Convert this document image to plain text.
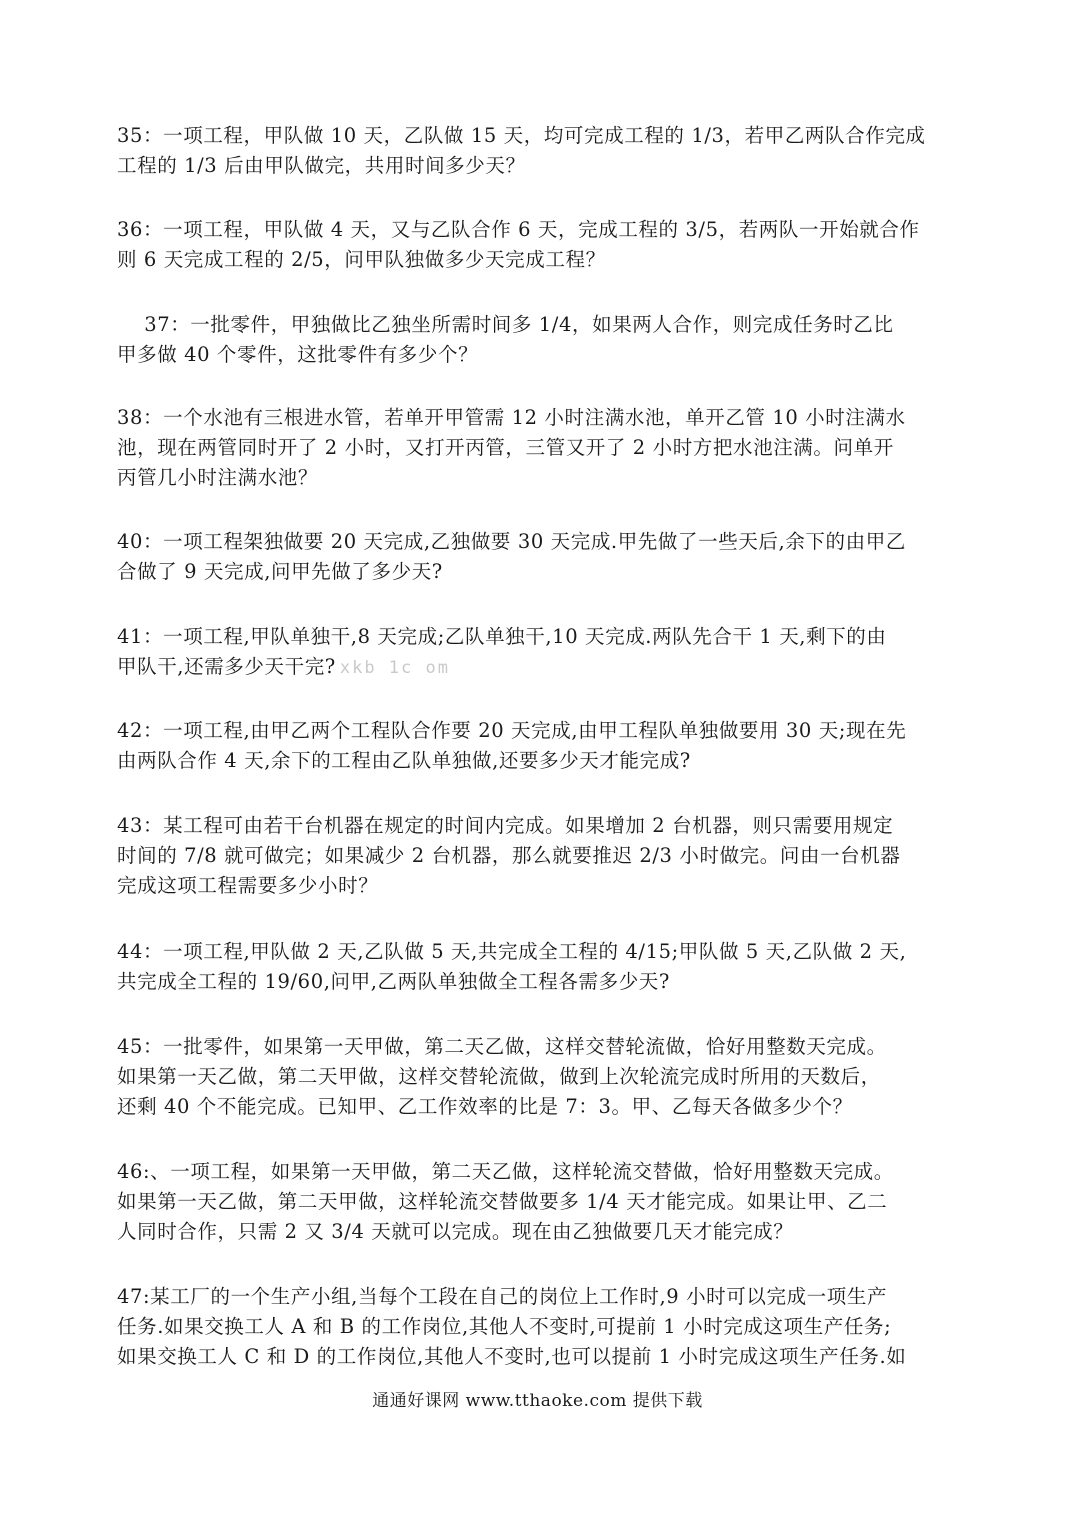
35：一项工程，甲队做 10 天，乙队做 15 天，均可完成工程的 1/3，若甲乙两队合作完成
工程的 1/3 后由甲队做完，共用时间多少天？
36：一项工程，甲队做 4 天，又与乙队合作 6 天，完成工程的 3/5，若两队一开始就合作
则 6 天完成工程的 2/5，问甲队独做多少天完成工程？
37：一批零件，甲独做比乙独坐所需时间多 1/4，如果两人合作，则完成任务时乙比
甲多做 40 个零件，这批零件有多少个？
38：一个水池有三根进水管，若单开甲管需 12 小时注满水池，单开乙管 10 小时注满水
池，现在两管同时开了 2 小时，又打开丙管，三管又开了 2 小时方把水池注满。问单开
丙管几小时注满水池？
40：一项工程架独做要 20 天完成,乙独做要 30 天完成.甲先做了一些天后,余下的由甲乙
合做了 9 天完成,问甲先做了多少天?
41：一项工程,甲队单独干,8 天完成;乙队单独干,10 天完成.两队先合干 1 天,剩下的由
甲队干,还需多少天干完? xkb 1c om
42：一项工程,由甲乙两个工程队合作要 20 天完成,由甲工程队单独做要用 30 天;现在先
由两队合作 4 天,余下的工程由乙队单独做,还要多少天才能完成?
43：某工程可由若干台机器在规定的时间内完成。如果增加 2 台机器，则只需要用规定
时间的 7/8 就可做完；如果减少 2 台机器，那么就要推迟 2/3 小时做完。问由一台机器
完成这项工程需要多少小时？
44：一项工程,甲队做 2 天,乙队做 5 天,共完成全工程的 4/15;甲队做 5 天,乙队做 2 天,
共完成全工程的 19/60,问甲,乙两队单独做全工程各需多少天?
45：一批零件，如果第一天甲做，第二天乙做，这样交替轮流做，恰好用整数天完成。
如果第一天乙做，第二天甲做，这样交替轮流做，做到上次轮流完成时所用的天数后，
还剩 40 个不能完成。已知甲、乙工作效率的比是 7：3。甲、乙每天各做多少个？
46:、一项工程，如果第一天甲做，第二天乙做，这样轮流交替做，恰好用整数天完成。
如果第一天乙做，第二天甲做，这样轮流交替做要多 1/4 天才能完成。如果让甲、乙二
人同时合作，只需 2 又 3/4 天就可以完成。现在由乙独做要几天才能完成？
47:某工厂的一个生产小组,当每个工段在自己的岗位上工作时,9 小时可以完成一项生产
任务.如果交换工人 A 和 B 的工作岗位,其他人不变时,可提前 1 小时完成这项生产任务;
如果交换工人 C 和 D 的工作岗位,其他人不变时,也可以提前 1 小时完成这项生产任务.如
通通好课网 www.tthaoke.com 提供下载
